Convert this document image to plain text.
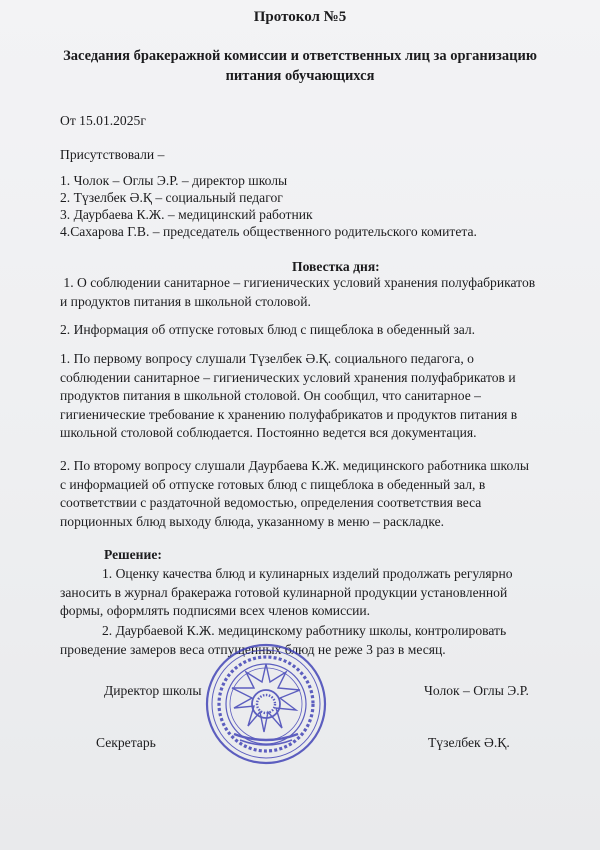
Протокол №5
Заседания бракеражной комиссии и ответственных лиц за организацию
питания обучающихся
От 15.01.2025г
Присутствовали –
1. Чолок – Оглы Э.Р. – директор школы
2. Түзелбек Ә.Қ – социальный педагог
3. Даурбаева К.Ж. – медицинский работник
4.Сахарова Г.В. – председатель общественного родительского комитета.
Повестка дня:
1. О соблюдении санитарное – гигиенических условий хранения полуфабрикатов
и продуктов питания в школьной столовой.
2. Информация об отпуске готовых блюд с пищеблока в обеденный зал.
1. По первому вопросу слушали Түзелбек Ә.Қ. социального педагога, о
соблюдении санитарное – гигиенических условий хранения полуфабрикатов и
продуктов питания в школьной столовой. Он сообщил, что санитарное –
гигиенические требование к хранению полуфабрикатов и продуктов питания в
школьной столовой соблюдается. Постоянно ведется вся документация.
2. По второму вопросу слушали Даурбаева К.Ж. медицинского работника школы
с информацией об отпуске готовых блюд с пищеблока в обеденный зал, в
соответствии с раздаточной ведомостью, определения соответствия веса
порционных блюд выходу блюда, указанному в меню – раскладке.
Решение:
1. Оценку качества блюд и кулинарных изделий продолжать регулярно
заносить в журнал бракеража готовой кулинарной продукции установленной
формы, оформлять подписями всех членов комиссии.
2. Даурбаевой К.Ж. медицинскому работнику школы, контролировать
проведение замеров веса отпущенных блюд не реже 3 раз в месяц.
Директор школы	Чолок – Оглы Э.Р.
Секретарь	Түзелбек Ә.Қ.
